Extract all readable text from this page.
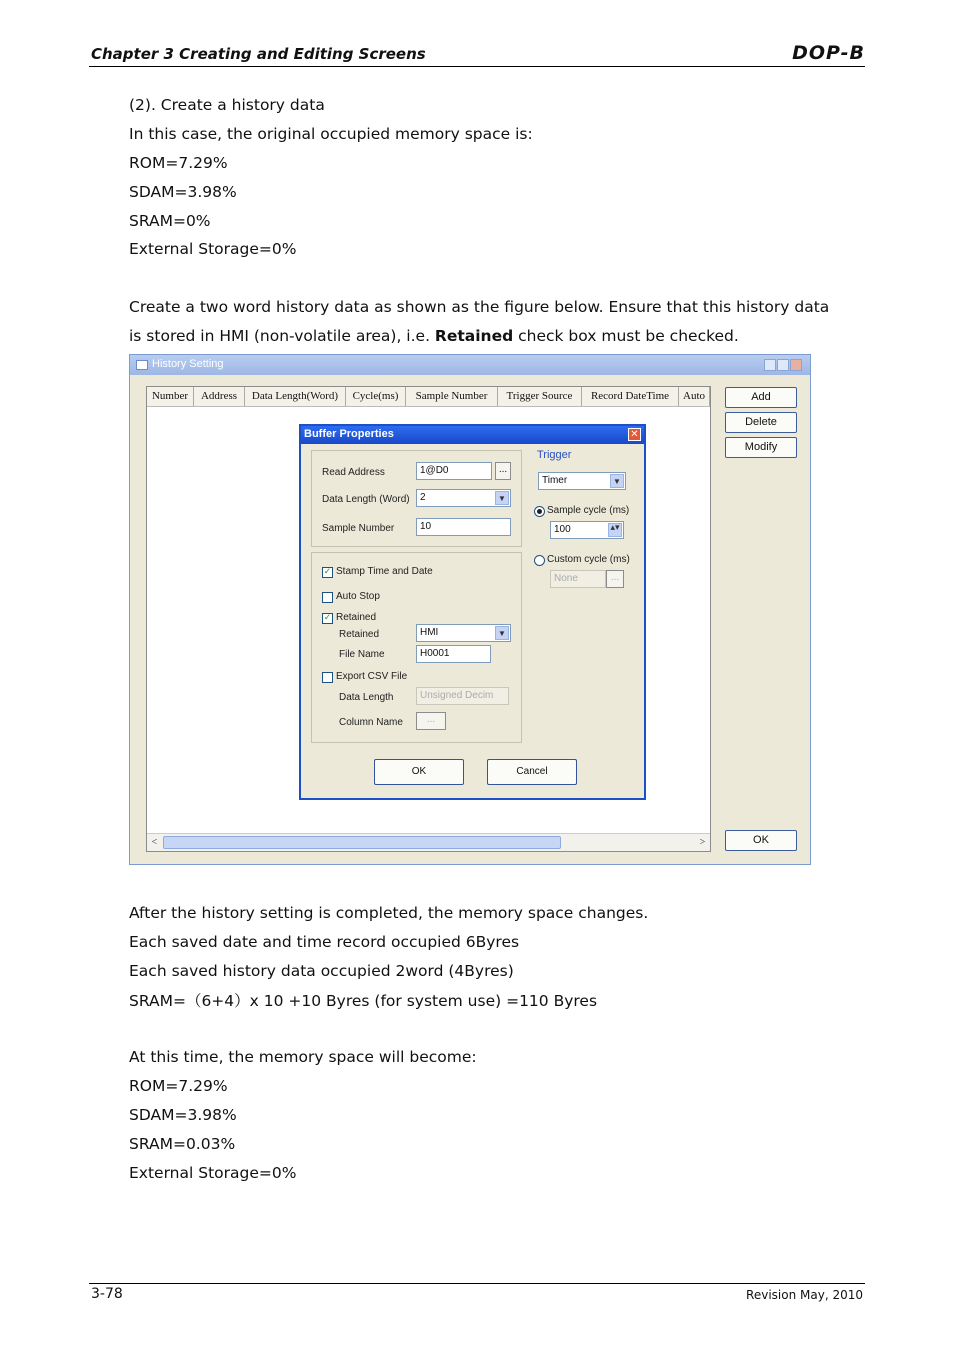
Chapter 3 Creating and Editing Screens	DOP-B
(2). Create a history data
In this case, the original occupied memory space is:
ROM=7.29%
SDAM=3.98%
SRAM=0%
External Storage=0%
Create a two word history data as shown as the figure below. Ensure that this history data
is stored in HMI (non-volatile area), i.e. Retained check box must be checked.
History Setting
Number	Address	Data Length(Word)	Cycle(ms)	Sample Number	Trigger Source	Record DateTime	Auto
<	>
Add
Delete
Modify
OK
Buffer Properties	✕
Read Address	1@D0	...
Data Length (Word)	2	▼
Sample Number	10
✓ Stamp Time and Date
Auto Stop
✓ Retained
Retained	HMI	▼
File Name	H0001
Export CSV File
Data Length	Unsigned Decim
Column Name	...
Trigger
Timer	▼
Sample cycle (ms)
100	▴▾
Custom cycle (ms)
None	...
OK	Cancel
After the history setting is completed, the memory space changes.
Each saved date and time record occupied 6Byres
Each saved history data occupied 2word (4Byres)
SRAM=（6+4）x 10 +10 Byres (for system use) =110 Byres
At this time, the memory space will become:
ROM=7.29%
SDAM=3.98%
SRAM=0.03%
External Storage=0%
3-78	Revision May, 2010
